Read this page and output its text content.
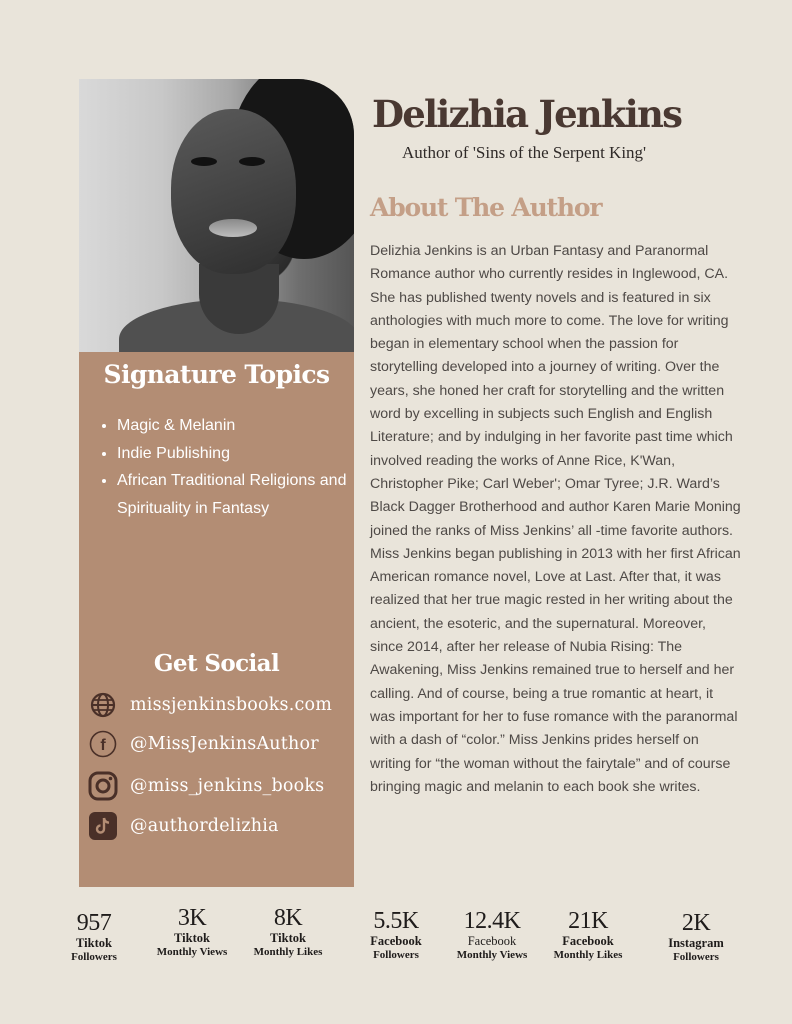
Signature Topics
• Magic & Melanin
• Indie Publishing
• African Traditional Religions and Spirituality in Fantasy
Get Social
missjenkinsbooks.com
f @MissJenkinsAuthor
@miss_jenkins_books
@authordelizhia
Delizhia Jenkins

Author of 'Sins of the Serpent King'

About The Author

Delizhia Jenkins is an Urban Fantasy and Paranormal Romance author who currently resides in Inglewood, CA. She has published twenty novels and is featured in six anthologies with much more to come. The love for writing began in elementary school when the passion for storytelling developed into a journey of writing. Over the years, she honed her craft for storytelling and the written word by excelling in subjects such English and English Literature; and by indulging in her favorite past time which involved reading the works of Anne Rice, K'Wan, Christopher Pike; Carl Weber'; Omar Tyree; J.R. Ward’s Black Dagger Brotherhood and author Karen Marie Moning joined the ranks of Miss Jenkins’ all -time favorite authors.

Miss Jenkins began publishing in 2013 with her first African American romance novel, Love at Last. After that, it was realized that her true magic rested in her writing about the ancient, the esoteric, and the supernatural. Moreover, since 2014, after her release of Nubia Rising: The Awakening, Miss Jenkins remained true to herself and her calling. And of course, being a true romantic at heart, it was important for her to fuse romance with the paranormal with a dash of “color.” Miss Jenkins prides herself on writing for “the woman without the fairytale” and of course bringing magic and melanin to each book she writes.

957
Tiktok
Followers
3K
Tiktok
Monthly Views
8K
Tiktok
Monthly Likes
5.5K
Facebook
Followers
12.4K
Facebook
Monthly Views
21K
Facebook
Monthly Likes
2K
Instagram
Followers
